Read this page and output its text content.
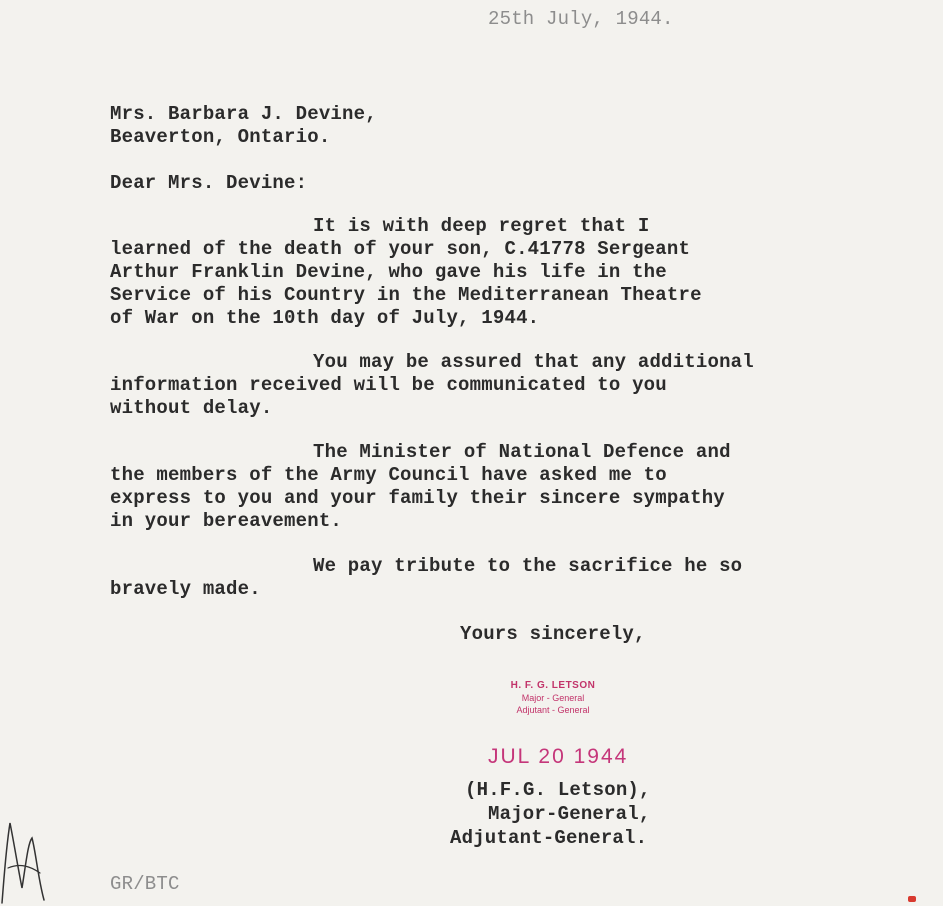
25th July, 1944.
Mrs. Barbara J. Devine,
Beaverton, Ontario.
Dear Mrs. Devine:
It is with deep regret that I
learned of the death of your son, C.41778 Sergeant
Arthur Franklin Devine, who gave his life in the
Service of his Country in the Mediterranean Theatre
of War on the 10th day of July, 1944.
You may be assured that any additional
information received will be communicated to you
without delay.
The Minister of National Defence and
the members of the Army Council have asked me to
express to you and your family their sincere sympathy
in your bereavement.
We pay tribute to the sacrifice he so
bravely made.
Yours sincerely,
H. F. G. LETSON
Major - General
Adjutant - General
JUL 20 1944
(H.F.G. Letson),
Major-General,
Adjutant-General.
GR/BTC
